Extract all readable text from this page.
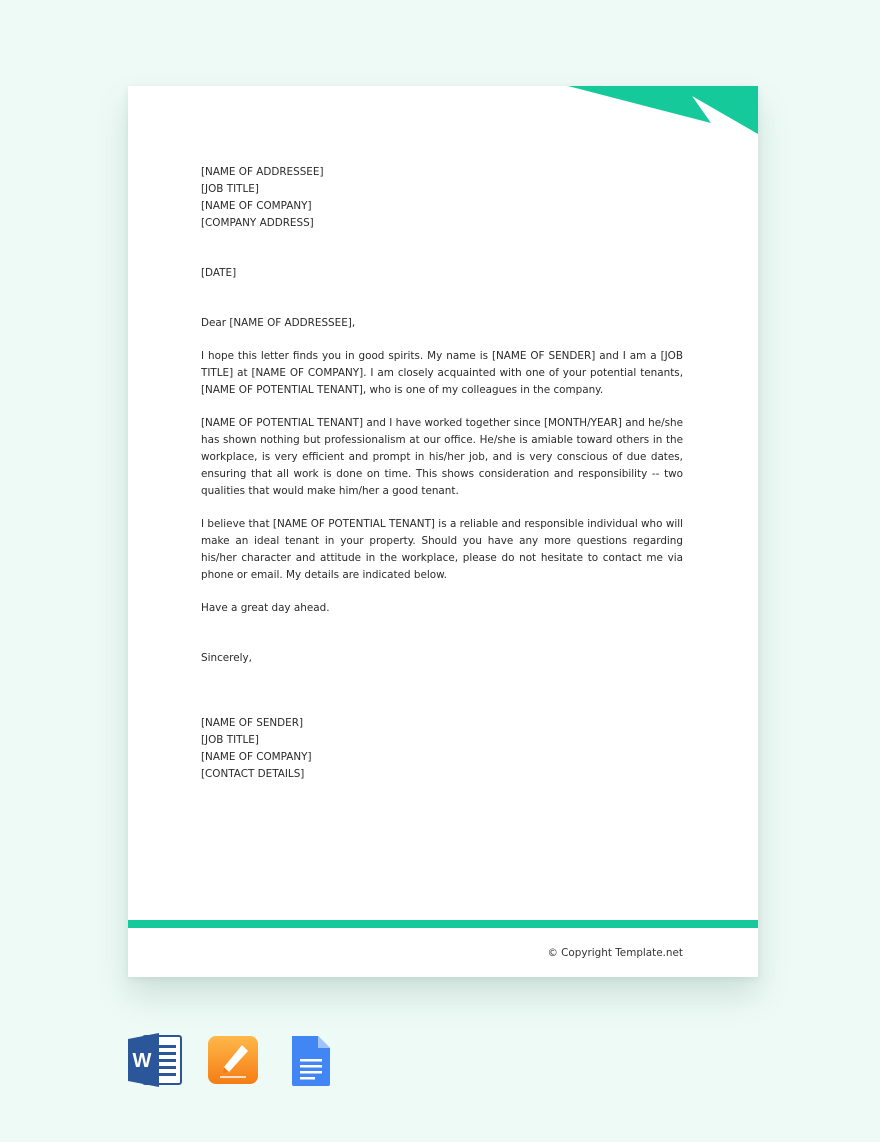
[NAME OF ADDRESSEE]
[JOB TITLE]
[NAME OF COMPANY]
[COMPANY ADDRESS]
[DATE]
Dear [NAME OF ADDRESSEE],

I hope this letter finds you in good spirits. My name is [NAME OF SENDER] and I am a [JOB TITLE] at [NAME OF COMPANY]. I am closely acquainted with one of your potential tenants, [NAME OF POTENTIAL TENANT], who is one of my colleagues in the company.

[NAME OF POTENTIAL TENANT] and I have worked together since [MONTH/YEAR] and he/she has shown nothing but professionalism at our office. He/she is amiable toward others in the workplace, is very efficient and prompt in his/her job, and is very conscious of due dates, ensuring that all work is done on time. This shows consideration and responsibility -- two qualities that would make him/her a good tenant.

I believe that [NAME OF POTENTIAL TENANT] is a reliable and responsible individual who will make an ideal tenant in your property. Should you have any more questions regarding his/her character and attitude in the workplace, please do not hesitate to contact me via phone or email. My details are indicated below.

Have a great day ahead.

Sincerely,
[NAME OF SENDER]
[JOB TITLE]
[NAME OF COMPANY]
[CONTACT DETAILS]
© Copyright Template.net
W
